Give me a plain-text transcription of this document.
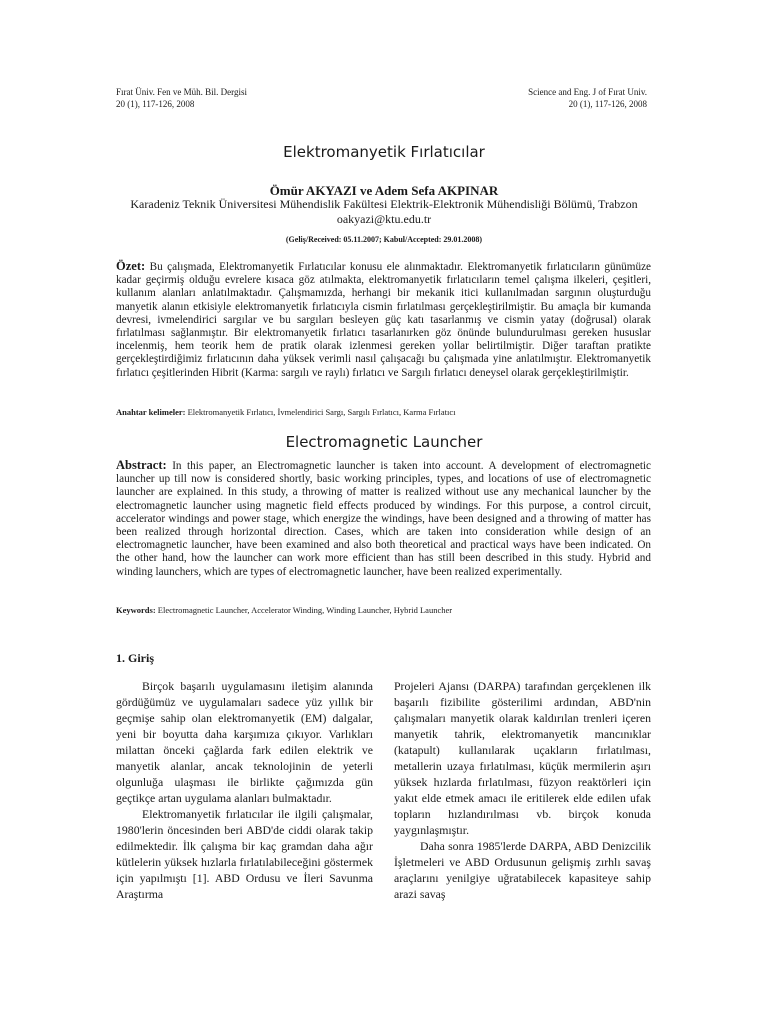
Fırat Üniv. Fen ve Müh. Bil. Dergisi
20 (1), 117-126, 2008
Science and Eng. J of Fırat Univ.
20 (1), 117-126, 2008
Elektromanyetik Fırlatıcılar
Ömür AKYAZI ve Adem Sefa AKPINAR
Karadeniz Teknik Üniversitesi Mühendislik Fakültesi Elektrik-Elektronik Mühendisliği Bölümü, Trabzon
oakyazi@ktu.edu.tr
(Geliş/Received: 05.11.2007; Kabul/Accepted: 29.01.2008)
Özet: Bu çalışmada, Elektromanyetik Fırlatıcılar konusu ele alınmaktadır. Elektromanyetik fırlatıcıların günümüze kadar geçirmiş olduğu evrelere kısaca göz atılmakta, elektromanyetik fırlatıcıların temel çalışma ilkeleri, çeşitleri, kullanım alanları anlatılmaktadır. Çalışmamızda, herhangi bir mekanik itici kullanılmadan sargının oluşturduğu manyetik alanın etkisiyle elektromanyetik fırlatıcıyla cismin fırlatılması gerçekleştirilmiştir. Bu amaçla bir kumanda devresi, ivmelendirici sargılar ve bu sargıları besleyen güç katı tasarlanmış ve cismin yatay (doğrusal) olarak fırlatılması sağlanmıştır. Bir elektromanyetik fırlatıcı tasarlanırken göz önünde bulundurulması gereken hususlar incelenmiş, hem teorik hem de pratik olarak izlenmesi gereken yollar belirtilmiştir. Diğer taraftan pratikte gerçekleştirdiğimiz fırlatıcının daha yüksek verimli nasıl çalışacağı bu çalışmada yine anlatılmıştır. Elektromanyetik fırlatıcı çeşitlerinden Hibrit (Karma: sargılı ve raylı) fırlatıcı ve Sargılı fırlatıcı deneysel olarak gerçekleştirilmiştir.
Anahtar kelimeler: Elektromanyetik Fırlatıcı, İvmelendirici Sargı, Sargılı Fırlatıcı, Karma Fırlatıcı
Electromagnetic Launcher
Abstract: In this paper, an Electromagnetic launcher is taken into account. A development of electromagnetic launcher up till now is considered shortly, basic working principles, types, and locations of use of electromagnetic launcher are explained. In this study, a throwing of matter is realized without use any mechanical launcher by the electromagnetic launcher using magnetic field effects produced by windings. For this purpose, a control circuit, accelerator windings and power stage, which energize the windings, have been designed and a throwing of matter has been realized through horizontal direction. Cases, which are taken into consideration while design of an electromagnetic launcher, have been examined and also both theoretical and practical ways have been indicated. On the other hand, how the launcher can work more efficient than has still been described in this study. Hybrid and winding launchers, which are types of electromagnetic launcher, have been realized experimentally.
Keywords: Electromagnetic Launcher, Accelerator Winding, Winding Launcher, Hybrid Launcher
1. Giriş

Birçok başarılı uygulamasını iletişim alanında gördüğümüz ve uygulamaları sadece yüz yıllık bir geçmişe sahip olan elektromanyetik (EM) dalgalar, yeni bir boyutta daha karşımıza çıkıyor. Varlıkları milattan önceki çağlarda fark edilen elektrik ve manyetik alanlar, ancak teknolojinin de yeterli olgunluğa ulaşması ile birlikte çağımızda gün geçtikçe artan uygulama alanları bulmaktadır.

Elektromanyetik fırlatıcılar ile ilgili çalışmalar, 1980'lerin öncesinden beri ABD'de ciddi olarak takip edilmektedir. İlk çalışma bir kaç gramdan daha ağır kütlelerin yüksek hızlarla fırlatılabileceğini göstermek için yapılmıştı [1]. ABD Ordusu ve İleri Savunma Araştırma

Projeleri Ajansı (DARPA) tarafından gerçeklenen ilk başarılı fizibilite gösterilimi ardından, ABD'nin çalışmaları manyetik olarak kaldırılan trenleri içeren manyetik tahrik, elektromanyetik mancınıklar (katapult) kullanılarak uçakların fırlatılması, metallerin uzaya fırlatılması, küçük mermilerin aşırı yüksek hızlarda fırlatılması, füzyon reaktörleri için yakıt elde etmek amacı ile eritilerek elde edilen ufak topların hızlandırılması vb. birçok konuda yaygınlaşmıştır.

Daha sonra 1985'lerde DARPA, ABD Denizcilik İşletmeleri ve ABD Ordusunun gelişmiş zırhlı savaş araçlarını yenilgiye uğratabilecek kapasiteye sahip arazi savaş
